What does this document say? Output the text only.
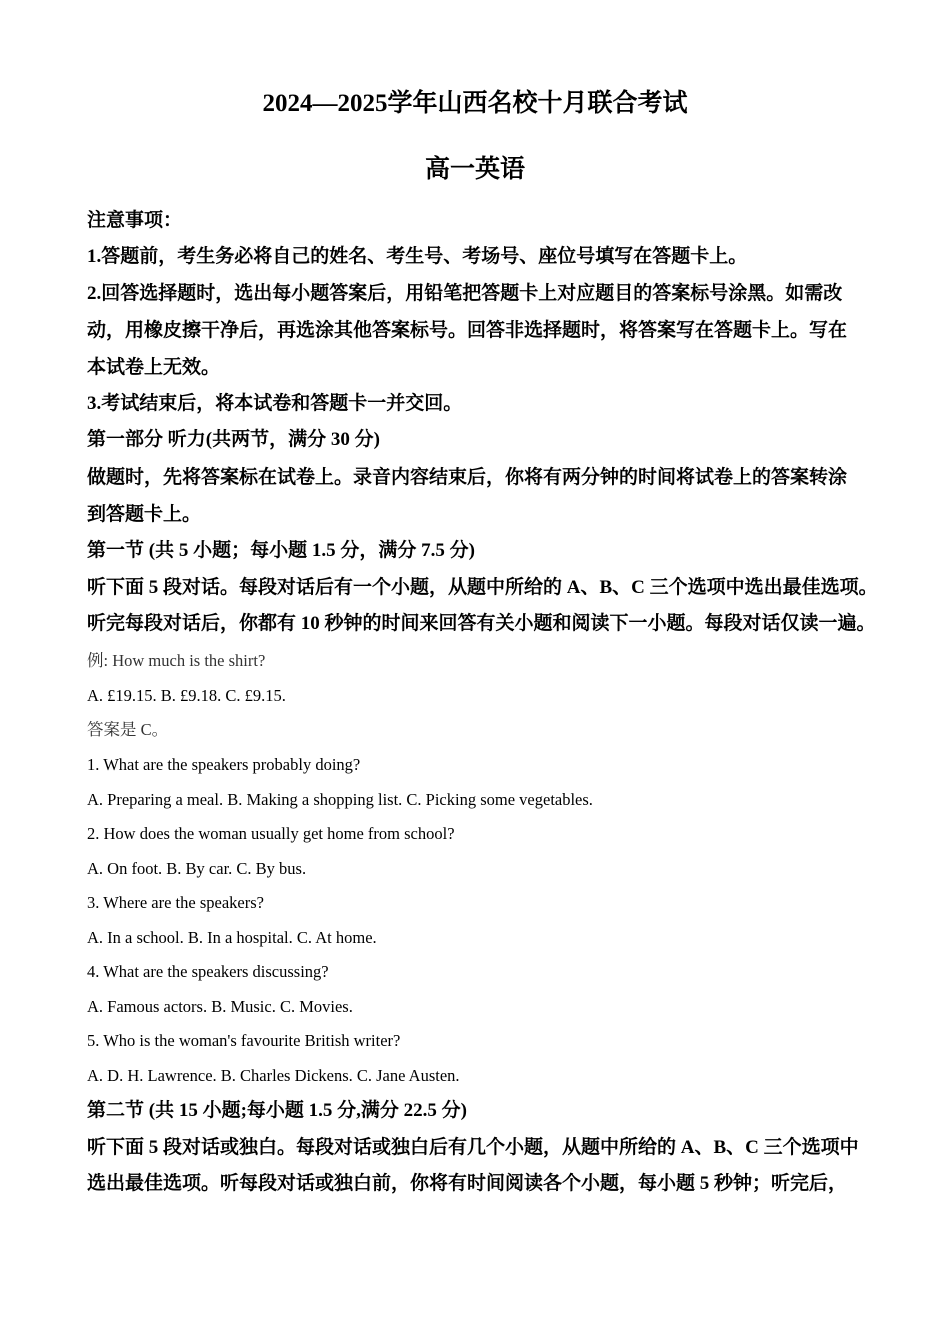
2024—2025学年山西名校十月联合考试
高一英语
注意事项：
1.答题前，考生务必将自己的姓名、考生号、考场号、座位号填写在答题卡上。
2.回答选择题时，选出每小题答案后，用铅笔把答题卡上对应题目的答案标号涂黑。如需改
动，用橡皮擦干净后，再选涂其他答案标号。回答非选择题时，将答案写在答题卡上。写在
本试卷上无效。
3.考试结束后，将本试卷和答题卡一并交回。
第一部分 听力(共两节，满分 30 分)
做题时，先将答案标在试卷上。录音内容结束后，你将有两分钟的时间将试卷上的答案转涂
到答题卡上。
第一节 (共 5 小题；每小题 1.5 分，满分 7.5 分)
听下面 5 段对话。每段对话后有一个小题，从题中所给的 A、B、C 三个选项中选出最佳选项。
听完每段对话后，你都有 10 秒钟的时间来回答有关小题和阅读下一小题。每段对话仅读一遍。
例: How much is the shirt?
A. £19.15. B. £9.18. C. £9.15.
答案是 C。
1. What are the speakers probably doing?
A. Preparing a meal. B. Making a shopping list. C. Picking some vegetables.
2. How does the woman usually get home from school?
A. On foot. B. By car. C. By bus.
3. Where are the speakers?
A. In a school. B. In a hospital. C. At home.
4. What are the speakers discussing?
A. Famous actors. B. Music. C. Movies.
5. Who is the woman's favourite British writer?
A. D. H. Lawrence. B. Charles Dickens. C. Jane Austen.
第二节 (共 15 小题;每小题 1.5 分,满分 22.5 分)
听下面 5 段对话或独白。每段对话或独白后有几个小题，从题中所给的 A、B、C 三个选项中
选出最佳选项。听每段对话或独白前，你将有时间阅读各个小题，每小题 5 秒钟；听完后，
